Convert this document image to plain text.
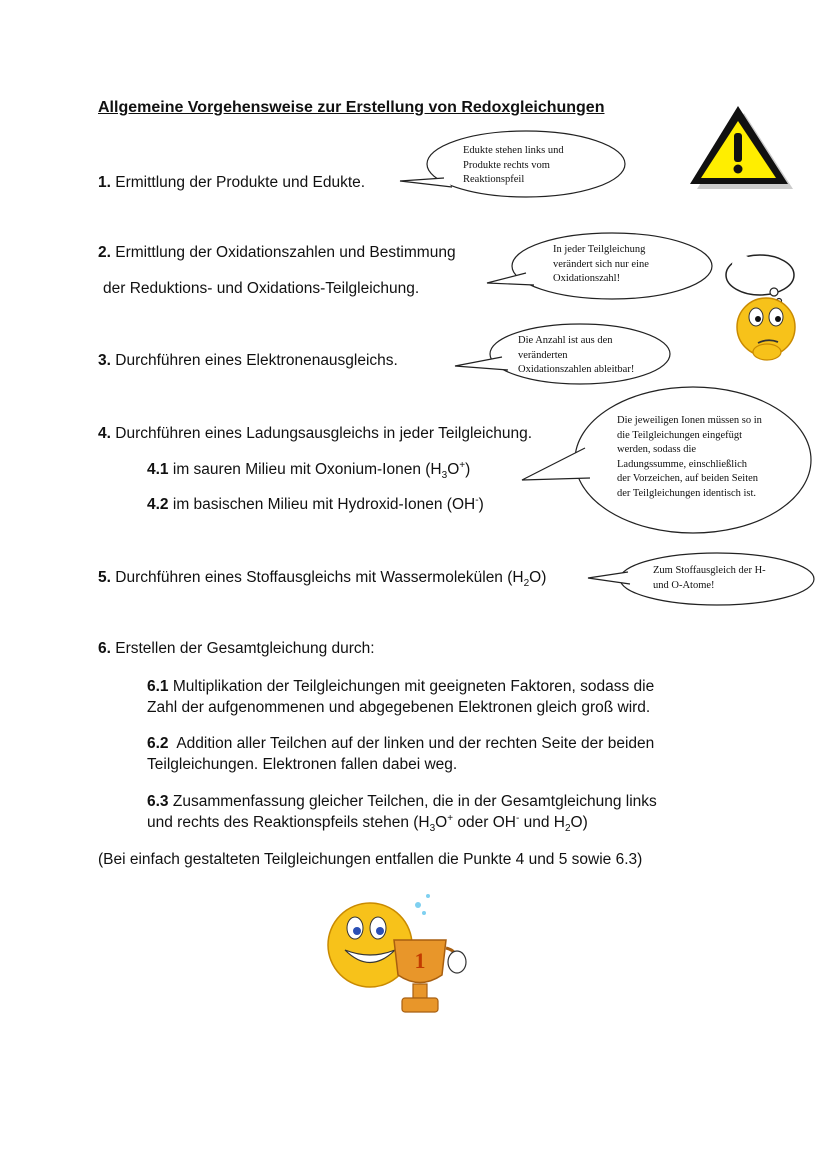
1
Allgemeine Vorgehensweise zur Erstellung von Redoxgleichungen
Edukte stehen links und
Produkte rechts vom
Reaktionspfeil
In jeder Teilgleichung
verändert sich nur eine
Oxidationszahl!
Die Anzahl ist aus den
veränderten
Oxidationszahlen ableitbar!
Die jeweiligen Ionen müssen so in
die Teilgleichungen eingefügt
werden, sodass die
Ladungssumme, einschließlich
der Vorzeichen, auf beiden Seiten
der Teilgleichungen identisch ist.
Zum Stoffausgleich der H-
und O-Atome!
1. Ermittlung der Produkte und Edukte.
2. Ermittlung der Oxidationszahlen und Bestimmung
der Reduktions- und Oxidations-Teilgleichung.
3. Durchführen eines Elektronenausgleichs.
4. Durchführen eines Ladungsausgleichs in jeder Teilgleichung.
4.1 im sauren Milieu mit Oxonium-Ionen $(H_3O^+)$
4.2 im basischen Milieu mit Hydroxid-Ionen (OH-)
5. Durchführen eines Stoffausgleichs mit Wassermolekülen $(H_2O)$
6. Erstellen der Gesamtgleichung durch:
6.1 Multiplikation der Teilgleichungen mit geeigneten Faktoren, sodass die
Zahl der aufgenommenen und abgegebenen Elektronen gleich groß wird.
6.2 Addition aller Teilchen auf der linken und der rechten Seite der beiden
Teilgleichungen. Elektronen fallen dabei weg.
6.3 Zusammenfassung gleicher Teilchen, die in der Gesamtgleichung links
und rechts des Reaktionspfeils stehen ($H_3O^+$ oder OH- und $H_2O$)
(Bei einfach gestalteten Teilgleichungen entfallen die Punkte 4 und 5 sowie 6.3)
